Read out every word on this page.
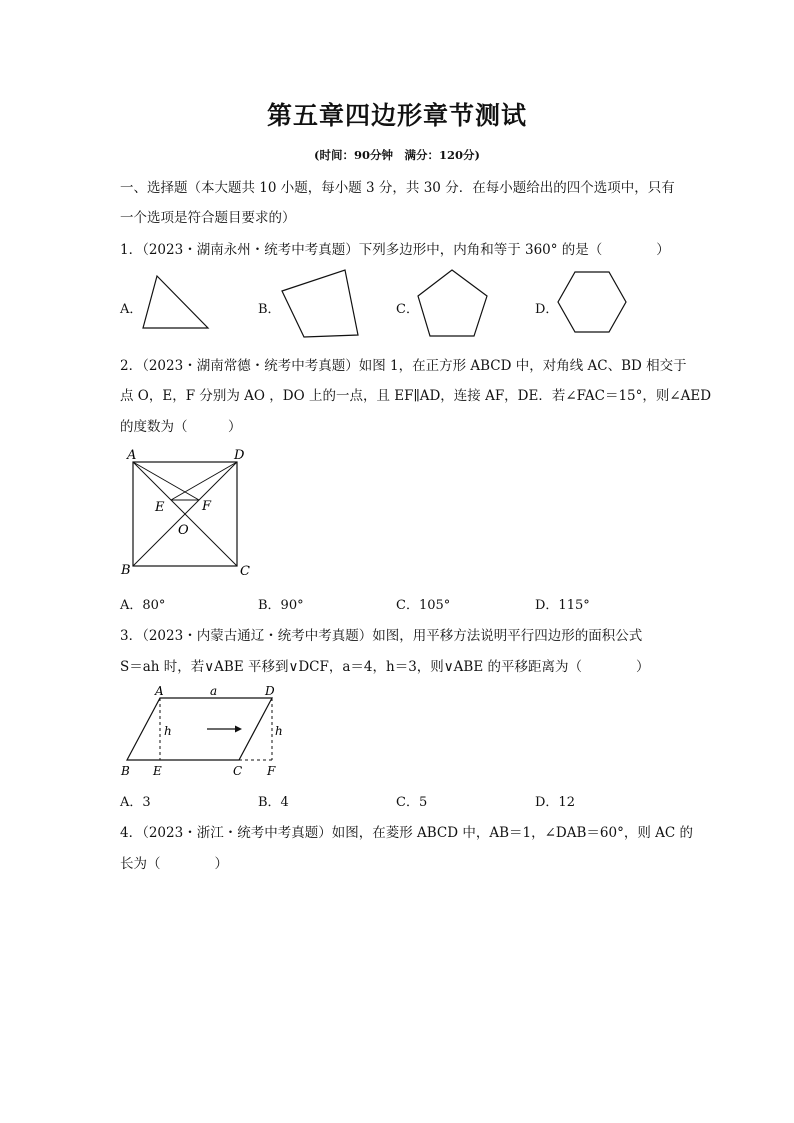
第五章四边形章节测试
(时间：90分钟　满分：120分)
一、选择题（本大题共 10 小题，每小题 3 分，共 30 分．在每小题给出的四个选项中，只有
一个选项是符合题目要求的）
1．（2023・湖南永州・统考中考真题）下列多边形中，内角和等于 360° 的是（　　　　）
A．	B．	C．	D．
2．（2023・湖南常德・统考中考真题）如图 1，在正方形 ABCD 中，对角线 AC、BD 相交于
点 O，E，F 分别为 AO ，DO 上的一点，且 EF∥AD，连接 AF，DE．若∠FAC＝15°，则∠AED
的度数为（　　　）
A	D
E	F
O
B	C
A．80°	B．90°	C．105°	D．115°
3．（2023・内蒙古通辽・统考中考真题）如图，用平移方法说明平行四边形的面积公式
S＝ah 时，若∨ABE 平移到∨DCF，a＝4，h＝3，则∨ABE 的平移距离为（　　　　）
A	a	D
h	h
B E	C F
A．3	B．4	C．5	D．12
4．（2023・浙江・统考中考真题）如图，在菱形 ABCD 中，AB＝1，∠DAB＝60°，则 AC 的
长为（　　　　）
